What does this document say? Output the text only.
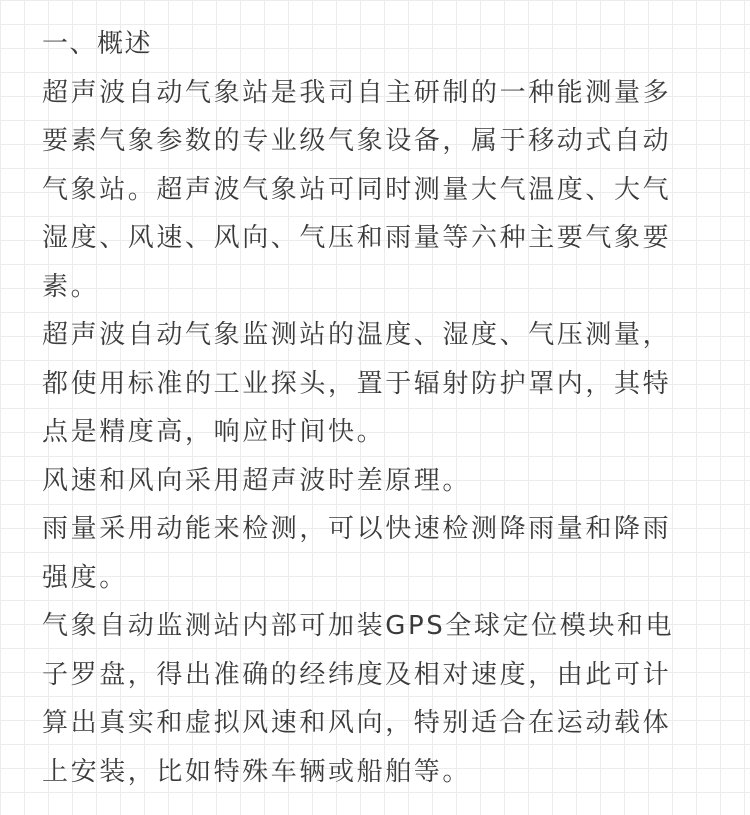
一、概述
超声波自动气象站是我司自主研制的一种能测量多
要素气象参数的专业级气象设备，属于移动式自动
气象站。超声波气象站可同时测量大气温度、大气
湿度、风速、风向、气压和雨量等六种主要气象要
素。
超声波自动气象监测站的温度、湿度、气压测量，
都使用标准的工业探头，置于辐射防护罩内，其特
点是精度高，响应时间快。
风速和风向采用超声波时差原理。
雨量采用动能来检测，可以快速检测降雨量和降雨
强度。
气象自动监测站内部可加装GPS全球定位模块和电
子罗盘，得出准确的经纬度及相对速度，由此可计
算出真实和虚拟风速和风向，特别适合在运动载体
上安装，比如特殊车辆或船舶等。
